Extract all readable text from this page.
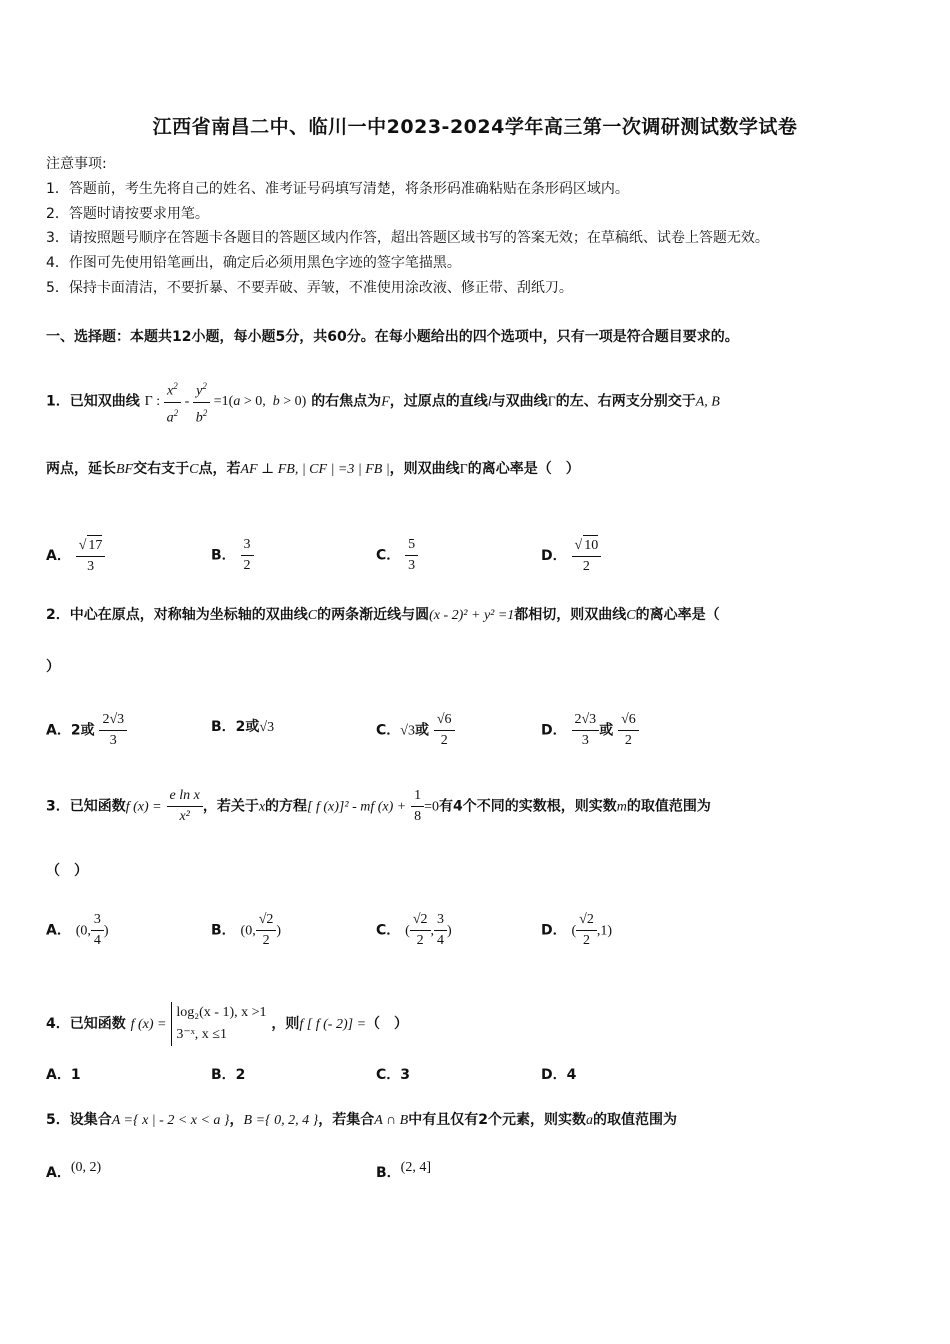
江西省南昌二中、临川一中2023-2024学年高三第一次调研测试数学试卷
注意事项:
1．答题前，考生先将自己的姓名、准考证号码填写清楚，将条形码准确粘贴在条形码区域内。
2．答题时请按要求用笔。
3．请按照题号顺序在答题卡各题目的答题区域内作答，超出答题区域书写的答案无效；在草稿纸、试卷上答题无效。
4．作图可先使用铅笔画出，确定后必须用黑色字迹的签字笔描黑。
5．保持卡面清洁，不要折暴、不要弄破、弄皱，不准使用涂改液、修正带、刮纸刀。
一、选择题：本题共12小题，每小题5分，共60分。在每小题给出的四个选项中，只有一项是符合题目要求的。
1．已知双曲线 Γ : $\frac{x^2}{a^2} - \frac{y^2}{b^2} =1(a > 0$,  b > 0) 的右焦点为F，过原点的直线l与双曲线Γ的左、右两支分别交于A, B
两点，延长BF交右支于C点，若AF ⊥ FB, | CF | =3 | FB |，则双曲线Γ的离心率是（　）
A． $\frac{√ 17}{3}$	B． $\frac{3}{2}$	C． $\frac{5}{3}$	D． $\frac{√ 10}{2}$
2．中心在原点，对称轴为坐标轴的双曲线C的两条渐近线与圆(x - 2)² + y² =1都相切，则双曲线C的离心率是（
）
A．2或 $\frac{2√3}{3}$	B．2或√3	C．√3或 $\frac{√6}{2}$	D． $\frac{2√3}{3}$ 或 $\frac{√6}{2}$
3．已知函数f $(x) = \frac{\text{e ln x}}{\text{x²}}$ ，若关于x的方程[ f (x)]² - mf $(x) + \frac{1}{8} =0$有4个不同的实数根，则实数m的取值范围为
（　）
A． (0, $\frac{3}{4}$ )	B． (0, $\frac{√2}{2}$ )	C． ( $\frac{√2}{2}$ , $\frac{3}{4}$ )	D． ( $\frac{√2}{2} ,1$)
4．已知函数 f (x) =
log₂(x - 1), x >1
3⁻ˣ, x ≤1
，则f [ f (- 2)] =（　）
A．1	B．2	C．3	D．4
5．设集合A ={ x | - 2 < x < a }，B ={ 0, 2, 4 }，若集合A ∩ B中有且仅有2个元素，则实数a的取值范围为
A．(0, 2)	B．(2, 4]
